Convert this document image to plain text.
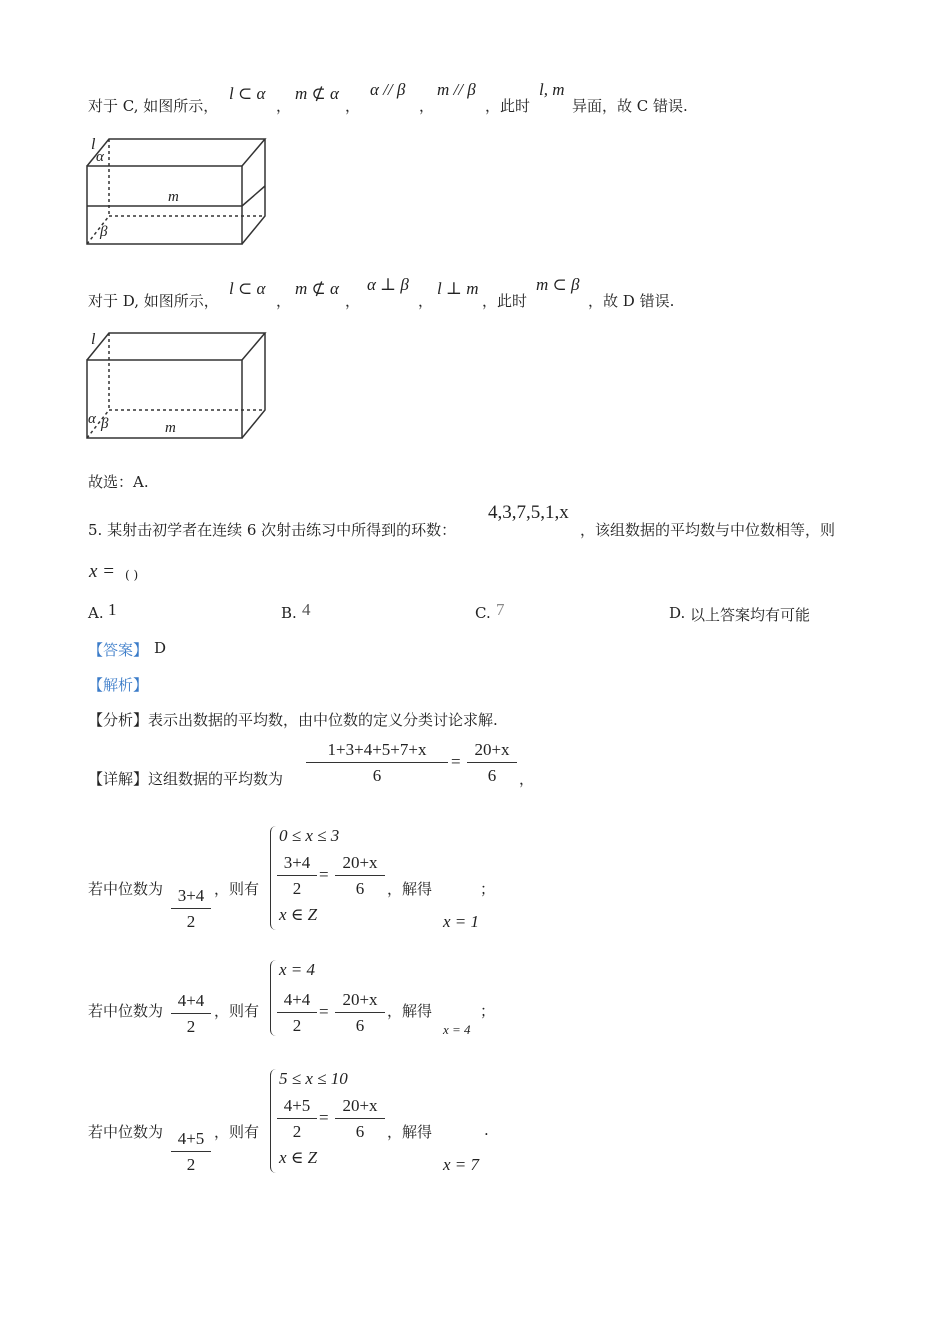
对于 C, 如图所示，
l ⊂ α
，
m ⊄ α
，
α // β
，
m // β
，此时
l, m
异面，故 C 错误.
l
α
m
β
对于 D, 如图所示，
l ⊂ α
，
m ⊄ α
，
α ⊥ β
，
l ⊥ m
，此时
m ⊂ β
，故 D 错误.
l
α β	m
故选：A.
5. 某射击初学者在连续 6 次射击练习中所得到的环数：
4,3,7,5,1,x
，该组数据的平均数与中位数相等，则
x = ( )
A. 1	B. 4	C. 7	D. 以上答案均有可能
【答案】 D
【解析】
【分析】表示出数据的平均数，由中位数的定义分类讨论求解.
【详解】这组数据的平均数为 $\frac{1+3+4+5+7+x}{6} = \frac{20+x}{6}$ ，
若中位数为 $\frac{3+4}{2}$ ，则有
0 ≤ x ≤ 3
$\frac{3+4}{2} = \frac{20+x}{6}$
x ∈ Z
，解得	；
x = 1
若中位数为 $\frac{4+4}{2}$ ，则有
x = 4
$\frac{4+4}{2} = \frac{20+x}{6}$ ，解得	；
x = 4
若中位数为 $\frac{4+5}{2}$ ，则有
5 ≤ x ≤ 10
$\frac{4+5}{2} = \frac{20+x}{6}$
x ∈ Z
，解得	.
x = 7
